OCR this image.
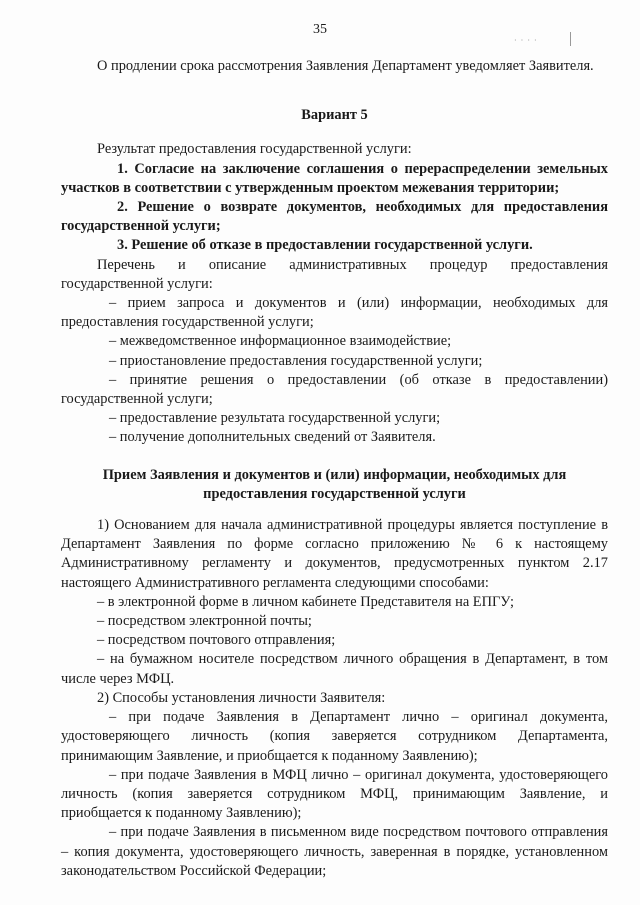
35
· · · ·

О продлении срока рассмотрения Заявления Департамент уведомляет Заявителя.

Вариант 5

Результат предоставления государственной услуги:

1. Согласие на заключение соглашения о перераспределении земельных участков в соответствии с утвержденным проектом межевания территории;

2. Решение о возврате документов, необходимых для предоставления государственной услуги;

3. Решение об отказе в предоставлении государственной услуги.

Перечень и описание административных процедур предоставления государственной услуги:

– прием запроса и документов и (или) информации, необходимых для предоставления государственной услуги;

– межведомственное информационное взаимодействие;

– приостановление предоставления государственной услуги;

– принятие решения о предоставлении (об отказе в предоставлении) государственной услуги;

– предоставление результата государственной услуги;

– получение дополнительных сведений от Заявителя.

Прием Заявления и документов и (или) информации, необходимых для

предоставления государственной услуги

1) Основанием для начала административной процедуры является поступление в Департамент Заявления по форме согласно приложению № 6 к настоящему Административному регламенту и документов, предусмотренных пунктом 2.17 настоящего Административного регламента следующими способами:

– в электронной форме в личном кабинете Представителя на ЕПГУ;

– посредством электронной почты;

– посредством почтового отправления;

– на бумажном носителе посредством личного обращения в Департамент, в том числе через МФЦ.

2) Способы установления личности Заявителя:

– при подаче Заявления в Департамент лично – оригинал документа, удостоверяющего личность (копия заверяется сотрудником Департамента, принимающим Заявление, и приобщается к поданному Заявлению);

– при подаче Заявления в МФЦ лично – оригинал документа, удостоверяющего личность (копия заверяется сотрудником МФЦ, принимающим Заявление, и приобщается к поданному Заявлению);

– при подаче Заявления в письменном виде посредством почтового отправления – копия документа, удостоверяющего личность, заверенная в порядке, установленном законодательством Российской Федерации;
